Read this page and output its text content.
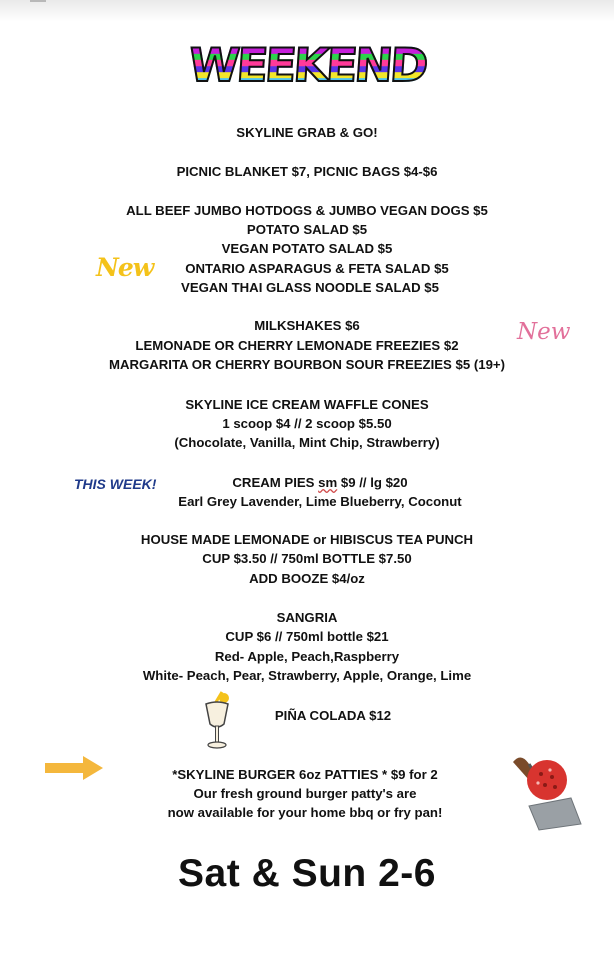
WEEKEND
SKYLINE GRAB & GO!
PICNIC BLANKET $7, PICNIC BAGS $4-$6
ALL BEEF JUMBO HOTDOGS & JUMBO VEGAN DOGS $5
POTATO SALAD $5
VEGAN POTATO SALAD $5
ONTARIO ASPARAGUS & FETA SALAD $5
VEGAN THAI GLASS NOODLE SALAD $5
New
MILKSHAKES $6
LEMONADE OR CHERRY LEMONADE FREEZIES $2
New
MARGARITA OR CHERRY BOURBON SOUR FREEZIES $5 (19+)
SKYLINE ICE CREAM WAFFLE CONES
1 scoop $4 // 2 scoop $5.50
(Chocolate, Vanilla, Mint Chip, Strawberry)
THIS WEEK!	CREAM PIES sm $9 // lg $20
Earl Grey Lavender, Lime Blueberry, Coconut
HOUSE MADE LEMONADE or HIBISCUS TEA PUNCH
CUP $3.50 // 750ml BOTTLE $7.50
ADD BOOZE $4/oz
SANGRIA
CUP $6 // 750ml bottle $21
Red- Apple, Peach,Raspberry
White- Peach, Pear, Strawberry, Apple, Orange, Lime
PIÑA COLADA $12
*SKYLINE BURGER 6oz PATTIES * $9 for 2
Our fresh ground burger patty's are
now available for your home bbq or fry pan!
Sat & Sun 2-6
